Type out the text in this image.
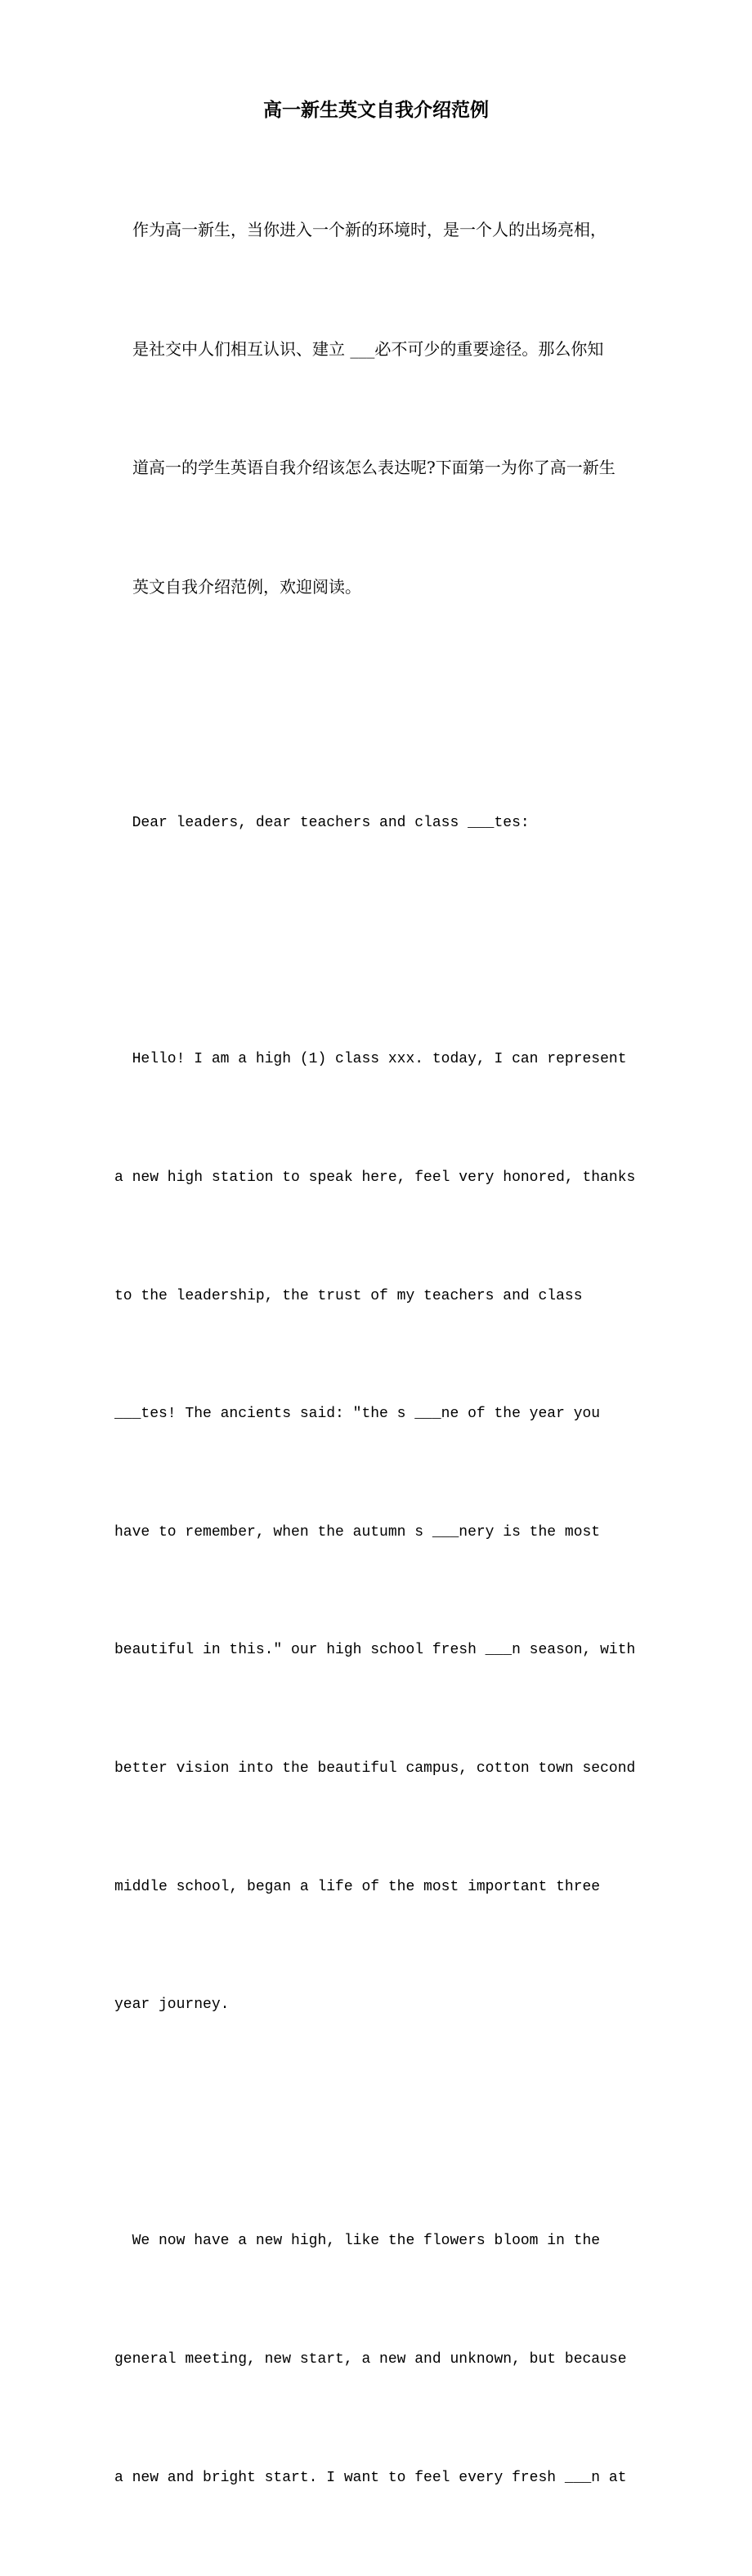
高一新生英文自我介绍范例

作为高一新生，当你进入一个新的环境时，是一个人的出场亮相，

是社交中人们相互认识、建立 ___必不可少的重要途径。那么你知

道高一的学生英语自我介绍该怎么表达呢?下面第一为你了高一新生

英文自我介绍范例，欢迎阅读。

Dear leaders, dear teachers and class ___tes:

Hello! I am a high (1) class xxx. today, I can represent

a new high station to speak here, feel very honored, thanks

to the leadership, the trust of my teachers and class

___tes! The ancients said: "the s ___ne of the year you

have to remember, when the autumn s ___nery is the most

beautiful in this." our high school fresh ___n season, with

better vision into the beautiful campus, cotton town second

middle school, began a life of the most important three

year journey.

We now have a new high, like the flowers bloom in the

general meeting, new start, a new and unknown, but because

a new and bright start. I want to feel every fresh ___n at
